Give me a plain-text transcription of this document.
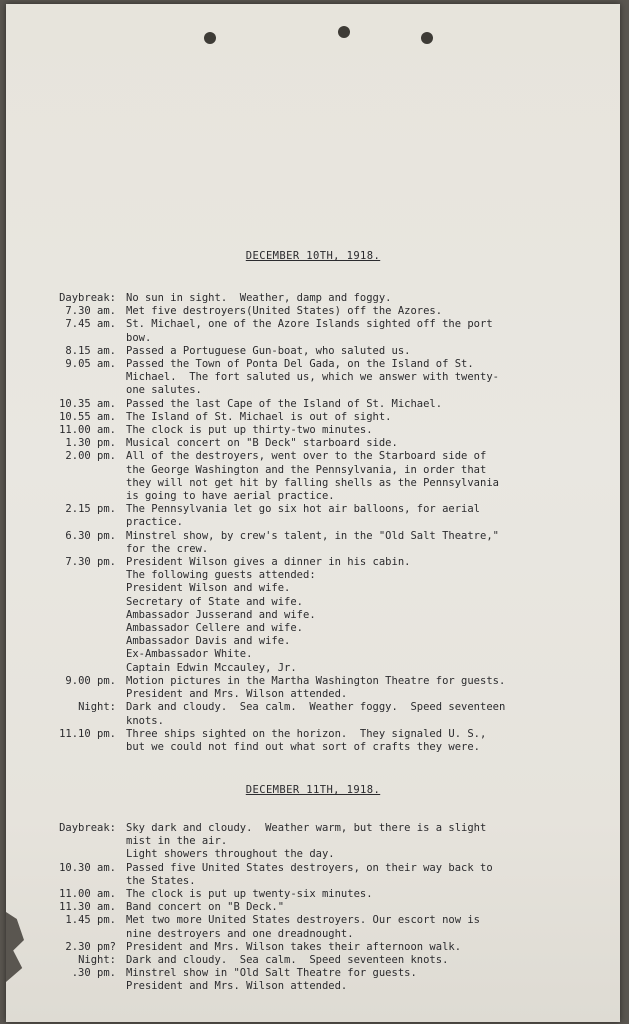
DECEMBER 10TH, 1918.
Daybreak: No sun in sight.  Weather, damp and foggy.
7.30 am. Met five destroyers(United States) off the Azores.
7.45 am. St. Michael, one of the Azore Islands sighted off the port
bow.
8.15 am. Passed a Portuguese Gun-boat, who saluted us.
9.05 am. Passed the Town of Ponta Del Gada, on the Island of St.
Michael.  The fort saluted us, which we answer with twenty-
one salutes.
10.35 am. Passed the last Cape of the Island of St. Michael.
10.55 am. The Island of St. Michael is out of sight.
11.00 am. The clock is put up thirty-two minutes.
1.30 pm. Musical concert on "B Deck" starboard side.
2.00 pm. All of the destroyers, went over to the Starboard side of
the George Washington and the Pennsylvania, in order that
they will not get hit by falling shells as the Pennsylvania
is going to have aerial practice.
2.15 pm. The Pennsylvania let go six hot air balloons, for aerial
practice.
6.30 pm. Minstrel show, by crew's talent, in the "Old Salt Theatre,"
for the crew.
7.30 pm. President Wilson gives a dinner in his cabin.
The following guests attended:
President Wilson and wife.
Secretary of State and wife.
Ambassador Jusserand and wife.
Ambassador Cellere and wife.
Ambassador Davis and wife.
Ex-Ambassador White.
Captain Edwin Mccauley, Jr.
9.00 pm. Motion pictures in the Martha Washington Theatre for guests.
President and Mrs. Wilson attended.
Night: Dark and cloudy.  Sea calm.  Weather foggy.  Speed seventeen
knots.
11.10 pm. Three ships sighted on the horizon.  They signaled U. S.,
but we could not find out what sort of crafts they were.
DECEMBER 11TH, 1918.
Daybreak: Sky dark and cloudy.  Weather warm, but there is a slight
mist in the air.
Light showers throughout the day.
10.30 am. Passed five United States destroyers, on their way back to
the States.
11.00 am. The clock is put up twenty-six minutes.
11.30 am. Band concert on "B Deck."
1.45 pm. Met two more United States destroyers. Our escort now is
nine destroyers and one dreadnought.
2.30 pm? President and Mrs. Wilson takes their afternoon walk.
Night: Dark and cloudy.  Sea calm.  Speed seventeen knots.
.30 pm. Minstrel show in "Old Salt Theatre for guests.
President and Mrs. Wilson attended.
